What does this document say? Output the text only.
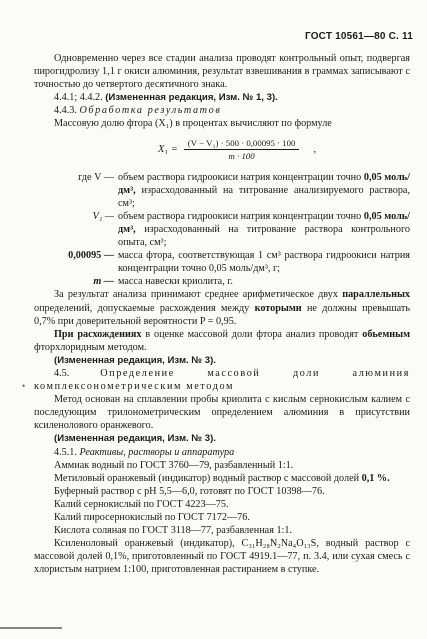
ГОСТ 10561—80 С. 11

Одновременно через все стадии анализа проводят контрольный опыт, подвергая пирогидролизу 1,1 г окиси алюминия, результат взвешивания в граммах записывают с точностью до четвертого десятичного знака.

4.4.1; 4.4.2. (Измененная редакция, Изм. № 1, 3).

4.4.3. Обработка результатов

Массовую долю фтора (X₁) в процентах вычисляют по формуле

$X_1 = \frac{\text{(V − V₁) · 500 · 0,00095 · 100}}{m \cdot 100}$ ,
где V — объем раствора гидроокиси натрия концентрации точно 0,05 моль/дм³, израсходованный на титрование анализируемого раствора, см³;
V₁ — объем раствора гидроокиси натрия концентрации точно 0,05 моль/дм³, израсходованный на титрование раствора контрольного опыта, см³;
0,00095 — масса фтора, соответствующая 1 см³ раствора гидроокиси натрия концентрации точно 0,05 моль/дм³, г;
m — масса навески криолита, г.

За результат анализа принимают среднее арифметическое двух параллельных определений, допускаемые расхождения между которыми не должны превышать 0,7% при доверительной вероятности P = 0,95.

При расхождениях в оценке массовой доли фтора анализ проводят обьемным фторхлоридным методом.

(Измененная редакция, Изм. № 3).

4.5.	Определение массовой доли алюминия комплексонометрическим методом

Метод основан на сплавлении пробы криолита с кислым сернокислым калием с последующим трилонометрическим определением алюминия в присутствии ксиленолового оранжевого.

(Измененная редакция, Изм. № 3).

4.5.1. Реактивы, растворы и аппаратура

Аммиак водный по ГОСТ 3760—79, разбавленный 1:1.

Метиловый оранжевый (индикатор) водный раствор с массовой долей 0,1 %.

Буферный раствор с pH 5,5—6,0, готовят по ГОСТ 10398—76.

Калий сернокислый по ГОСТ 4223—75.

Калий пиросернокислый по ГОСТ 7172—76.

Кислота соляная по ГОСТ 3118—77, разбавленная 1:1.

Ксиленоловый оранжевый (индикатор), C₃₁H₂₈N₂Na₄O₁₃S, водный раствор с массовой долей 0,1%, приготовленный по ГОСТ 4919.1—77, п. 3.4, или сухая смесь с хлористым натрием 1:100, приготовленная растиранием в ступке.

•
